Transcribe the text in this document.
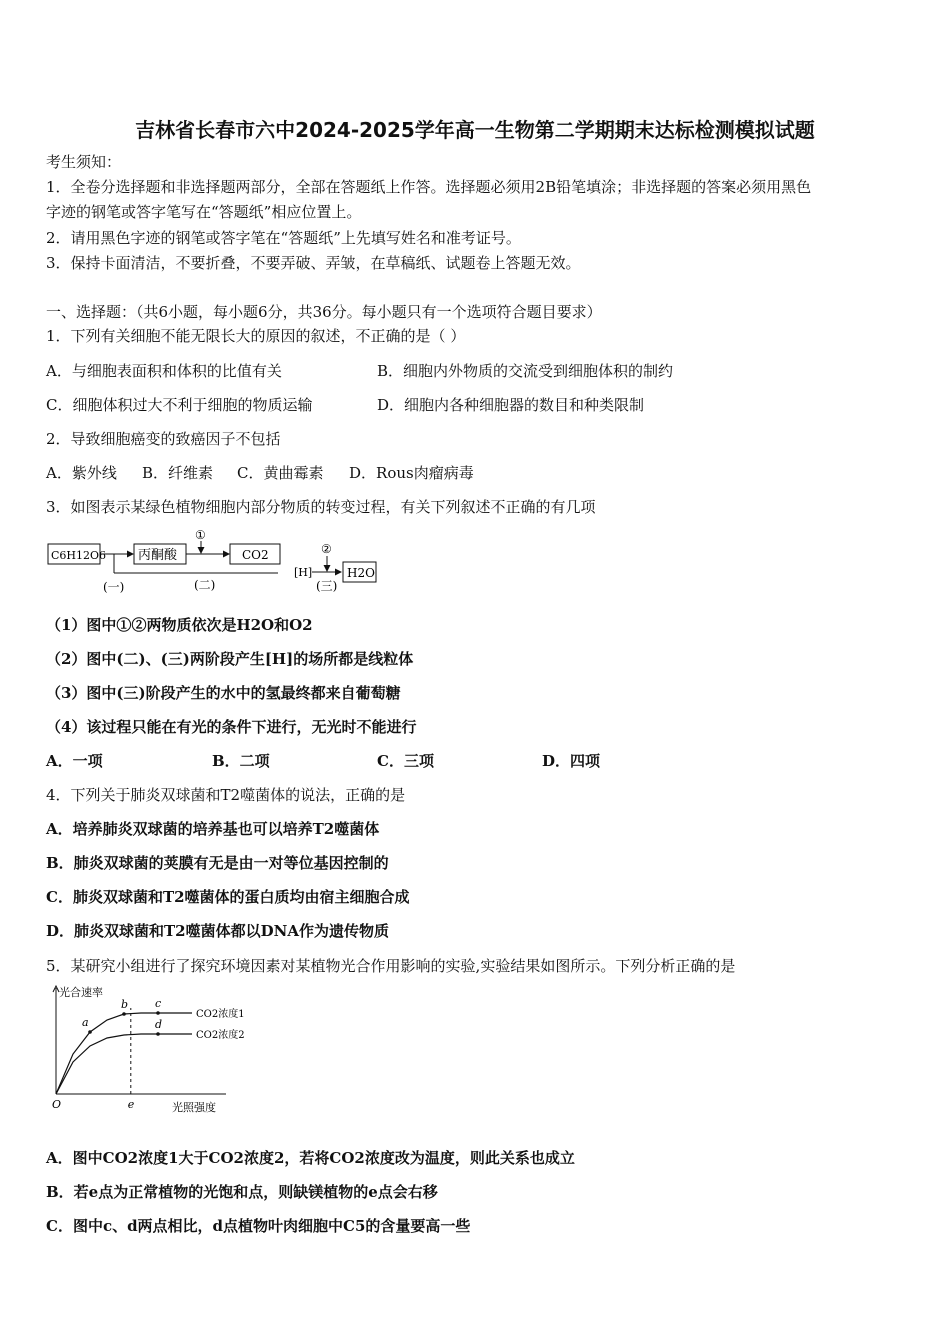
吉林省长春市六中2024-2025学年高一生物第二学期期末达标检测模拟试题
考生须知：
1．全卷分选择题和非选择题两部分，全部在答题纸上作答。选择题必须用2B铅笔填涂；非选择题的答案必须用黑色
字迹的钢笔或答字笔写在“答题纸”相应位置上。
2．请用黑色字迹的钢笔或答字笔在“答题纸”上先填写姓名和准考证号。
3．保持卡面清洁，不要折叠，不要弄破、弄皱，在草稿纸、试题卷上答题无效。
一、选择题：（共6小题，每小题6分，共36分。每小题只有一个选项符合题目要求）
1．下列有关细胞不能无限长大的原因的叙述，不正确的是（ ）
A．与细胞表面积和体积的比值有关	B．细胞内外物质的交流受到细胞体积的制约
C．细胞体积过大不利于细胞的物质运输	D．细胞内各种细胞器的数目和种类限制
2．导致细胞癌变的致癌因子不包括
A．紫外线 B．纤维素 C．黄曲霉素 D．Rous肉瘤病毒
3．如图表示某绿色植物细胞内部分物质的转变过程，有关下列叙述不正确的有几项
C6H12O6 丙酮酸
①
CO2
[H]
②
H2O
(一)	(二)	(三)
（1）图中①②两物质依次是H2O和O2
（2）图中(二)、(三)两阶段产生[H]的场所都是线粒体
（3）图中(三)阶段产生的水中的氢最终都来自葡萄糖
（4）该过程只能在有光的条件下进行，无光时不能进行
A．一项	B．二项	C．三项	D．四项
4．下列关于肺炎双球菌和T2噬菌体的说法，正确的是
A．培养肺炎双球菌的培养基也可以培养T2噬菌体
B．肺炎双球菌的荚膜有无是由一对等位基因控制的
C．肺炎双球菌和T2噬菌体的蛋白质均由宿主细胞合成
D．肺炎双球菌和T2噬菌体都以DNA作为遗传物质
5．某研究小组进行了探究环境因素对某植物光合作用影响的实验,实验结果如图所示。下列分析正确的是
光合速率
光照强度
O	e
CO2浓度1
CO2浓度2
a
b c
d
A．图中CO2浓度1大于CO2浓度2，若将CO2浓度改为温度，则此关系也成立
B．若e点为正常植物的光饱和点，则缺镁植物的e点会右移
C．图中c、d两点相比，d点植物叶肉细胞中C5的含量要高一些
